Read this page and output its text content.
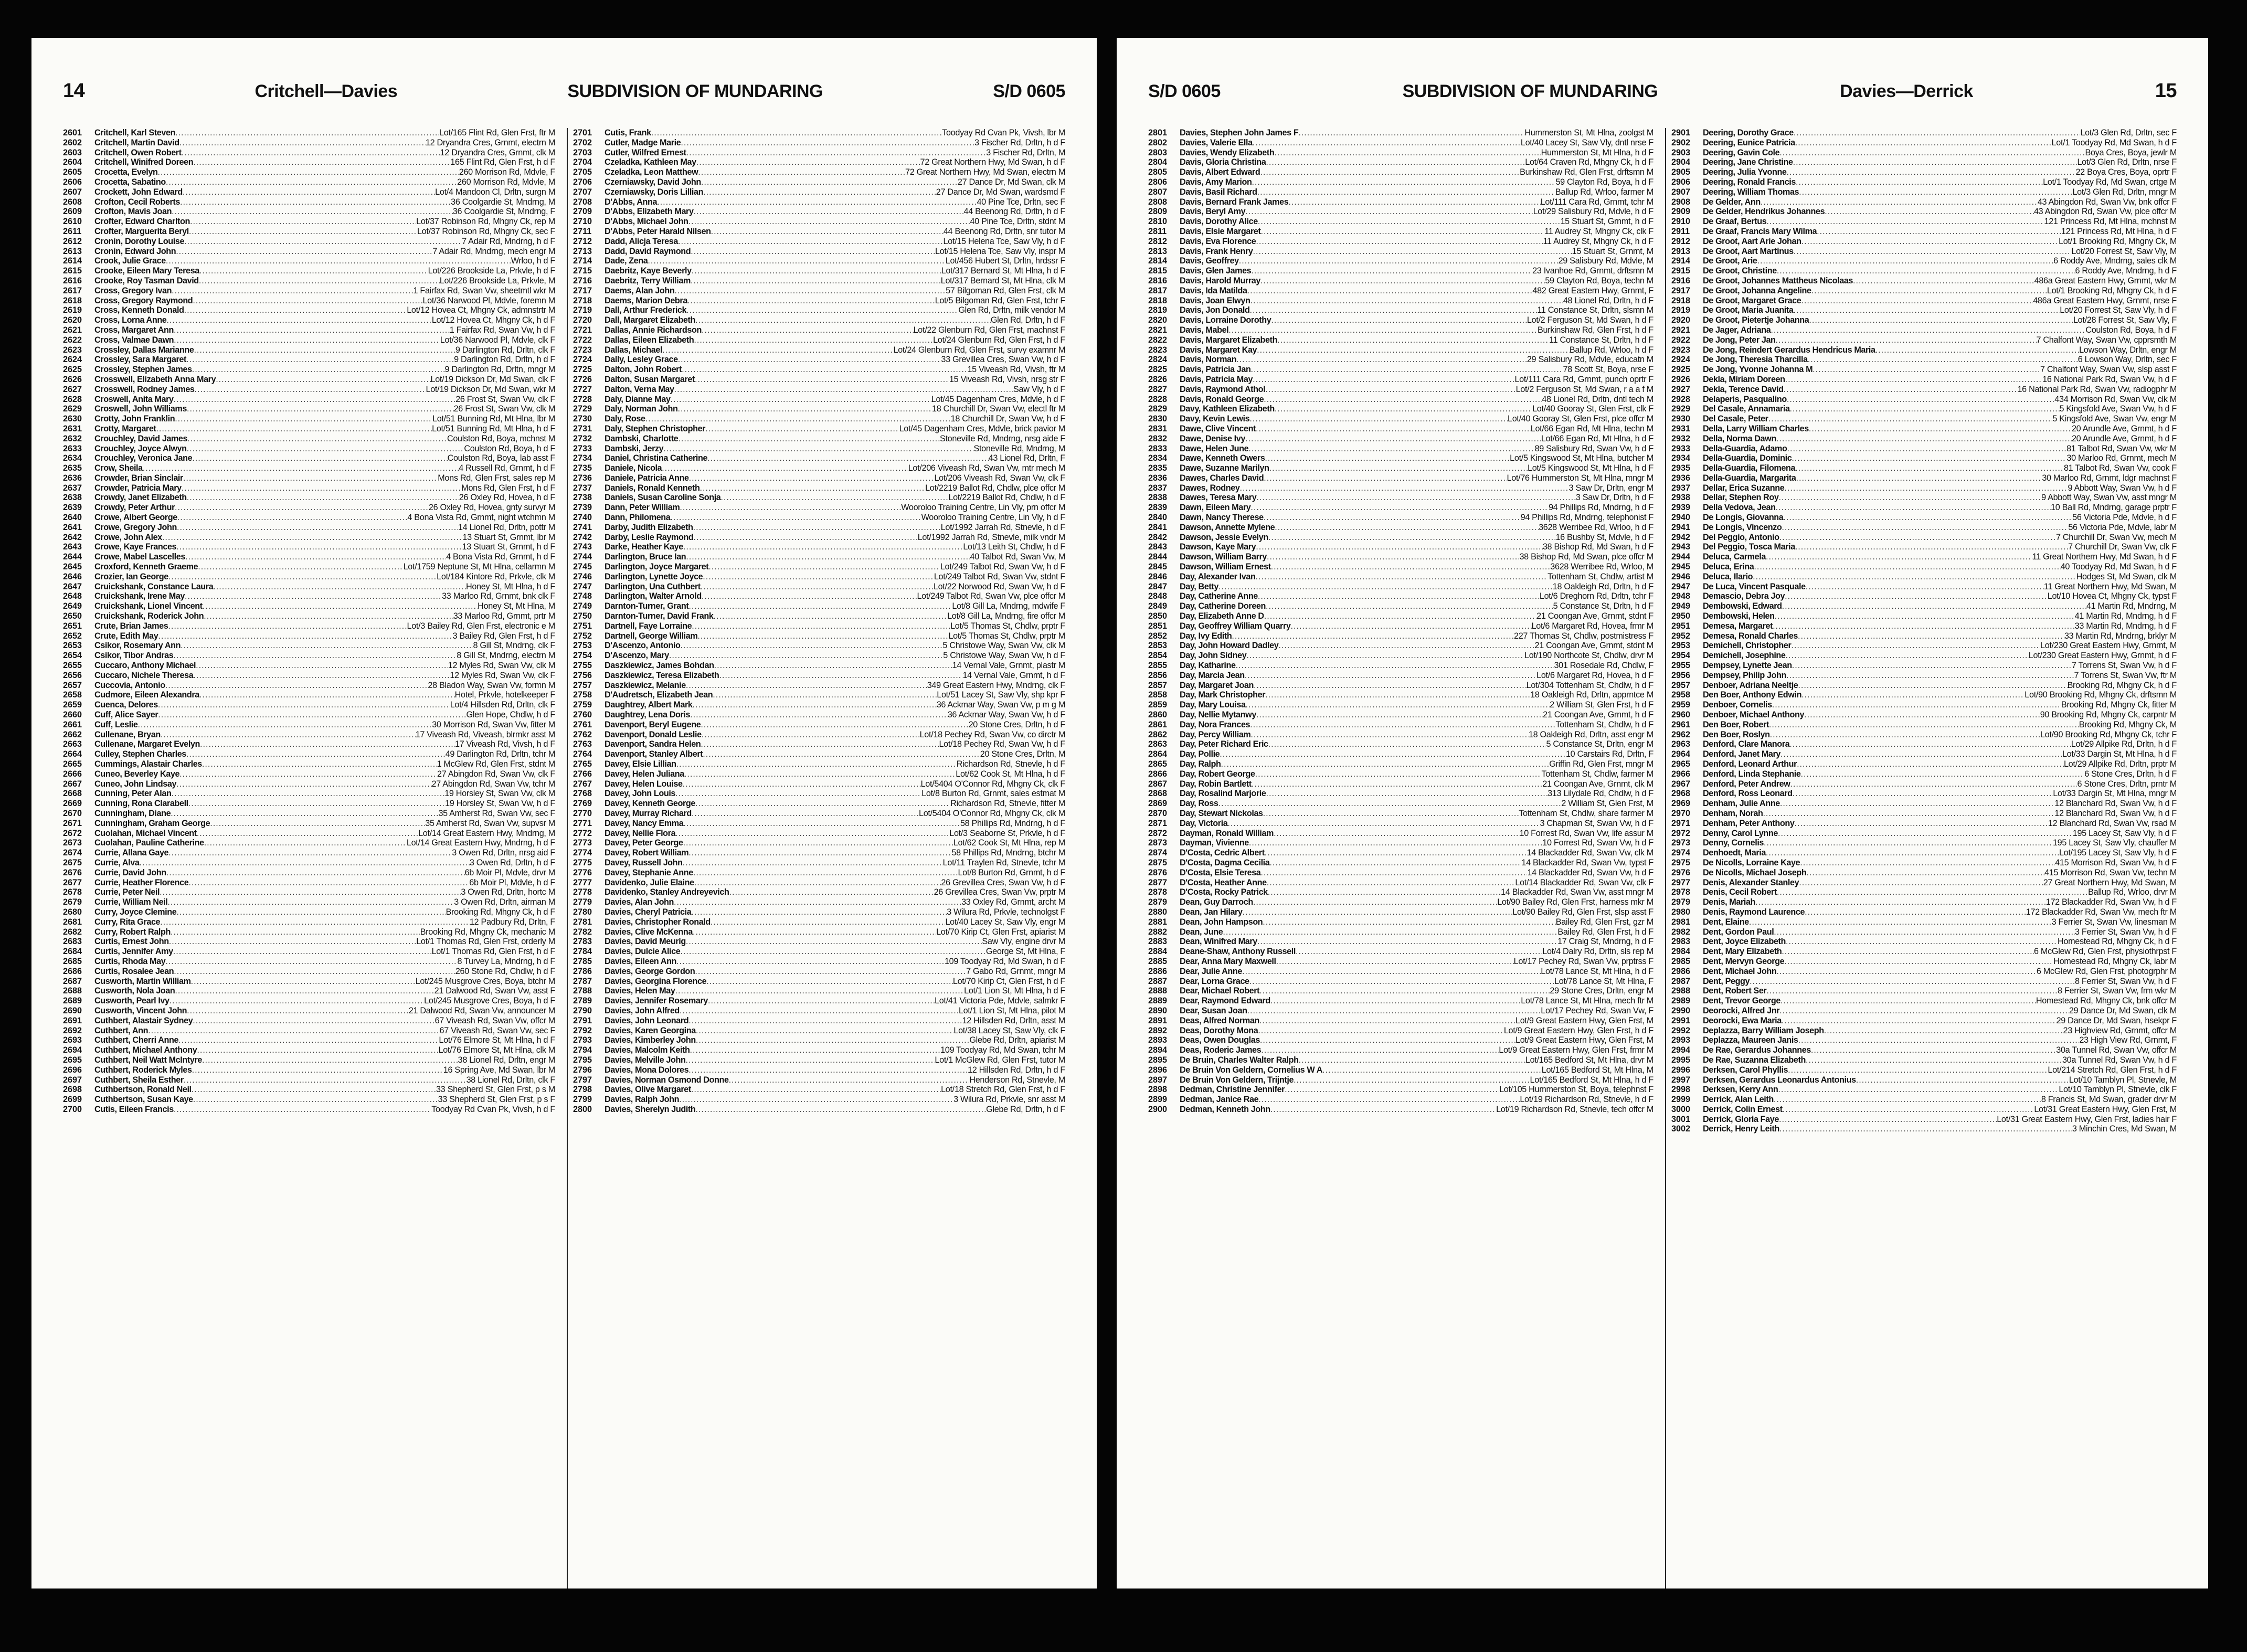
14	Critchell—Davies	SUBDIVISION OF MUNDARING	S/D 0605
2601	Critchell, Karl Steven .....	Lot/165 Flint Rd, Glen Frst, ftr M
2602	Critchell, Martin David .....	12 Dryandra Cres, Grnmt, electrn M
2603	Critchell, Owen Robert .....	12 Dryandra Cres, Grnmt, clk M
2604	Critchell, Winifred Doreen .....	165 Flint Rd, Glen Frst, h d F
2605	Crocetta, Evelyn .....	260 Morrison Rd, Mdvle, F
2606	Crocetta, Sabatino .....	260 Morrison Rd, Mdvle, M
2607	Crockett, John Edward .....	Lot/4 Mandoon Cl, Drltn, surgn M
2608	Crofton, Cecil Roberts .....	36 Coolgardie St, Mndrng, M
2609	Crofton, Mavis Joan .....	36 Coolgardie St, Mndrng, F
2610	Crofter, Edward Charlton .....	Lot/37 Robinson Rd, Mhgny Ck, rep M
2611	Crofter, Marguerita Beryl .....	Lot/37 Robinson Rd, Mhgny Ck, sec F
2612	Cronin, Dorothy Louise .....	7 Adair Rd, Mndrng, h d F
2613	Cronin, Edward John .....	7 Adair Rd, Mndrng, mech engr M
2614	Crook, Julie Grace .....	Wrloo, h d F
2615	Crooke, Eileen Mary Teresa .....	Lot/226 Brookside La, Prkvle, h d F
2616	Crooke, Roy Tasman David .....	Lot/226 Brookside La, Prkvle, M
2617	Cross, Gregory Ivan .....	1 Fairfax Rd, Swan Vw, sheetmtl wkr M
2618	Cross, Gregory Raymond .....	Lot/36 Narwood Pl, Mdvle, foremn M
2619	Cross, Kenneth Donald .....	Lot/12 Hovea Ct, Mhgny Ck, admnstrtr M
2620	Cross, Lorna Anne .....	Lot/12 Hovea Ct, Mhgny Ck, h d F
2621	Cross, Margaret Ann .....	1 Fairfax Rd, Swan Vw, h d F
2622	Cross, Valmae Dawn .....	Lot/36 Narwood Pl, Mdvle, clk F
2623	Crossley, Dallas Marianne .....	9 Darlington Rd, Drltn, clk F
2624	Crossley, Sara Margaret .....	9 Darlington Rd, Drltn, h d F
2625	Crossley, Stephen James .....	9 Darlington Rd, Drltn, mngr M
2626	Crosswell, Elizabeth Anna Mary .....	Lot/19 Dickson Dr, Md Swan, clk F
2627	Crosswell, Rodney James .....	Lot/19 Dickson Dr, Md Swan, wkr M
2628	Croswell, Anita Mary .....	26 Frost St, Swan Vw, clk F
2629	Croswell, John Williams .....	26 Frost St, Swan Vw, clk M
2630	Crotty, John Franklin .....	Lot/51 Bunning Rd, Mt Hlna, lbr M
2631	Crotty, Margaret .....	Lot/51 Bunning Rd, Mt Hlna, h d F
2632	Crouchley, David James .....	Coulston Rd, Boya, mchnst M
2633	Crouchley, Joyce Alwyn .....	Coulston Rd, Boya, h d F
2634	Crouchley, Veronica Jane .....	Coulston Rd, Boya, lab asst F
2635	Crow, Sheila .....	4 Russell Rd, Grnmt, h d F
2636	Crowder, Brian Sinclair .....	Mons Rd, Glen Frst, sales rep M
2637	Crowder, Patricia Mary .....	Mons Rd, Glen Frst, h d F
2638	Crowdy, Janet Elizabeth .....	26 Oxley Rd, Hovea, h d F
2639	Crowdy, Peter Arthur .....	26 Oxley Rd, Hovea, gnty survyr M
2640	Crowe, Albert George .....	4 Bona Vista Rd, Grnmt, night wtchmn M
2641	Crowe, Gregory John .....	14 Lionel Rd, Drltn, pottr M
2642	Crowe, John Alex .....	13 Stuart St, Grnmt, lbr M
2643	Crowe, Kaye Frances .....	13 Stuart St, Grnmt, h d F
2644	Crowe, Mabel Lascelles .....	4 Bona Vista Rd, Grnmt, h d F
2645	Croxford, Kenneth Graeme .....	Lot/1759 Neptune St, Mt Hlna, cellarmn M
2646	Crozier, Ian George .....	Lot/184 Kintore Rd, Prkvle, clk M
2647	Cruickshank, Constance Laura .....	Honey St, Mt Hlna, h d F
2648	Cruickshank, Irene May .....	33 Marloo Rd, Grnmt, bnk clk F
2649	Cruickshank, Lionel Vincent .....	Honey St, Mt Hlna, M
2650	Cruickshank, Roderick John .....	33 Marloo Rd, Grnmt, prtr M
2651	Crute, Brian James .....	Lot/3 Bailey Rd, Glen Frst, electronic e M
2652	Crute, Edith May .....	3 Bailey Rd, Glen Frst, h d F
2653	Csikor, Rosemary Ann .....	8 Gill St, Mndrng, clk F
2654	Csikor, Tibor Andras .....	8 Gill St, Mndrng, electrn M
2655	Cuccaro, Anthony Michael .....	12 Myles Rd, Swan Vw, clk M
2656	Cuccaro, Nichele Theresa .....	12 Myles Rd, Swan Vw, clk F
2657	Cuccovia, Antonio .....	28 Bladon Way, Swan Vw, formn M
2658	Cudmore, Eileen Alexandra .....	Hotel, Prkvle, hotelkeeper F
2659	Cuenca, Delores .....	Lot/4 Hillsden Rd, Drltn, clk F
2660	Cuff, Alice Sayer .....	Glen Hope, Chdlw, h d F
2661	Cuff, Leslie .....	30 Morrison Rd, Swan Vw, fitter M
2662	Cullenane, Bryan .....	17 Viveash Rd, Viveash, blrmkr asst M
2663	Cullenane, Margaret Evelyn .....	17 Viveash Rd, Vivsh, h d F
2664	Culley, Stephen Charles .....	49 Darlington Rd, Drltn, tchr M
2665	Cummings, Alastair Charles .....	1 McGlew Rd, Glen Frst, stdnt M
2666	Cuneo, Beverley Kaye .....	27 Abingdon Rd, Swan Vw, clk F
2667	Cuneo, John Lindsay .....	27 Abingdon Rd, Swan Vw, tchr M
2668	Cunning, Peter Alan .....	19 Horsley St, Swan Vw, clk M
2669	Cunning, Rona Clarabell .....	19 Horsley St, Swan Vw, h d F
2670	Cunningham, Diane .....	35 Amherst Rd, Swan Vw, sec F
2671	Cunningham, Graham George .....	35 Amherst Rd, Swan Vw, supvsr M
2672	Cuolahan, Michael Vincent .....	Lot/14 Great Eastern Hwy, Mndrng, M
2673	Cuolahan, Pauline Catherine .....	Lot/14 Great Eastern Hwy, Mndrng, h d F
2674	Currie, Allana Gaye .....	3 Owen Rd, Drltn, nrsg aid F
2675	Currie, Alva .....	3 Owen Rd, Drltn, h d F
2676	Currie, David John .....	6b Moir Pl, Mdvle, drvr M
2677	Currie, Heather Florence .....	6b Moir Pl, Mdvle, h d F
2678	Currie, Peter Neil .....	3 Owen Rd, Drltn, hortc M
2679	Currie, William Neil .....	3 Owen Rd, Drltn, airman M
2680	Curry, Joyce Clemine .....	Brooking Rd, Mhgny Ck, h d F
2681	Curry, Rita Grace .....	12 Padbury Rd, Drltn, F
2682	Curry, Robert Ralph .....	Brooking Rd, Mhgny Ck, mechanic M
2683	Curtis, Ernest John .....	Lot/1 Thomas Rd, Glen Frst, orderly M
2684	Curtis, Jennifer Amy .....	Lot/1 Thomas Rd, Glen Frst, h d F
2685	Curtis, Rhoda May .....	8 Turvey La, Mndrng, h d F
2686	Curtis, Rosalee Jean .....	260 Stone Rd, Chdlw, h d F
2687	Cusworth, Martin William .....	Lot/245 Musgrove Cres, Boya, btchr M
2688	Cusworth, Nola Joan .....	21 Dalwood Rd, Swan Vw, asst F
2689	Cusworth, Pearl Ivy .....	Lot/245 Musgrove Cres, Boya, h d F
2690	Cusworth, Vincent John .....	21 Dalwood Rd, Swan Vw, announcer M
2691	Cuthbert, Alastair Sydney .....	67 Viveash Rd, Swan Vw, offcr M
2692	Cuthbert, Ann .....	67 Viveash Rd, Swan Vw, sec F
2693	Cuthbert, Cherri Anne .....	Lot/76 Elmore St, Mt Hlna, h d F
2694	Cuthbert, Michael Anthony .....	Lot/76 Elmore St, Mt Hlna, clk M
2695	Cuthbert, Neil Watt McIntyre .....	38 Lionel Rd, Drltn, engr M
2696	Cuthbert, Roderick Myles .....	16 Spring Ave, Md Swan, lbr M
2697	Cuthbert, Sheila Esther .....	38 Lionel Rd, Drltn, clk F
2698	Cuthbertson, Ronald Neil .....	33 Shepherd St, Glen Frst, p s M
2699	Cuthbertson, Susan Kaye .....	33 Shepherd St, Glen Frst, p s F
2700	Cutis, Eileen Francis .....	Toodyay Rd Cvan Pk, Vivsh, h d F
2701	Cutis, Frank .....	Toodyay Rd Cvan Pk, Vivsh, lbr M
2702	Cutler, Madge Marie .....	3 Fischer Rd, Drltn, h d F
2703	Cutler, Wilfred Ernest .....	3 Fischer Rd, Drltn, M
2704	Czeladka, Kathleen May .....	72 Great Northern Hwy, Md Swan, h d F
2705	Czeladka, Leon Matthew .....	72 Great Northern Hwy, Md Swan, electrn M
2706	Czerniawsky, David John .....	27 Dance Dr, Md Swan, clk M
2707	Czerniawsky, Doris Lillian .....	27 Dance Dr, Md Swan, wardsmd F
2708	D'Abbs, Anna .....	40 Pine Tce, Drltn, sec F
2709	D'Abbs, Elizabeth Mary .....	44 Beenong Rd, Drltn, h d F
2710	D'Abbs, Michael John .....	40 Pine Tce, Drltn, stdnt M
2711	D'Abbs, Peter Harald Nilsen .....	44 Beenong Rd, Drltn, snr tutor M
2712	Dadd, Alicja Teresa .....	Lot/15 Helena Tce, Saw Vly, h d F
2713	Dadd, David Raymond .....	Lot/15 Helena Tce, Saw Vly, inspr M
2714	Dade, Zena .....	Lot/456 Hubert St, Drltn, hrdssr F
2715	Daebritz, Kaye Beverly .....	Lot/317 Bernard St, Mt Hlna, h d F
2716	Daebritz, Terry William .....	Lot/317 Bernard St, Mt Hlna, clk M
2717	Daems, Alan John .....	57 Bilgoman Rd, Glen Frst, clk M
2718	Daems, Marion Debra .....	Lot/5 Bilgoman Rd, Glen Frst, tchr F
2719	Dall, Arthur Frederick .....	Glen Rd, Drltn, milk vendor M
2720	Dall, Margaret Elizabeth .....	Glen Rd, Drltn, h d F
2721	Dallas, Annie Richardson .....	Lot/22 Glenburn Rd, Glen Frst, machnst F
2722	Dallas, Eileen Elizabeth .....	Lot/24 Glenburn Rd, Glen Frst, h d F
2723	Dallas, Michael .....	Lot/24 Glenburn Rd, Glen Frst, survy examnr M
2724	Dally, Lesley Grace .....	33 Grevillea Cres, Swan Vw, h d F
2725	Dalton, John Robert .....	15 Viveash Rd, Vivsh, ftr M
2726	Dalton, Susan Margaret .....	15 Viveash Rd, Vivsh, nrsg str F
2727	Dalton, Verna May .....	Saw Vly, h d F
2728	Daly, Dianne May .....	Lot/45 Dagenham Cres, Mdvle, h d F
2729	Daly, Norman John .....	18 Churchill Dr, Swan Vw, electl ftr M
2730	Daly, Rose .....	18 Churchill Dr, Swan Vw, h d F
2731	Daly, Stephen Christopher .....	Lot/45 Dagenham Cres, Mdvle, brick pavior M
2732	Dambski, Charlotte .....	Stoneville Rd, Mndrng, nrsg aide F
2733	Dambski, Jerzy .....	Stoneville Rd, Mndrng, M
2734	Daniel, Christina Catherine .....	43 Lionel Rd, Drltn, F
2735	Daniele, Nicola .....	Lot/206 Viveash Rd, Swan Vw, mtr mech M
2736	Daniele, Patricia Anne .....	Lot/206 Viveash Rd, Swan Vw, clk F
2737	Daniels, Ronald Kenneth .....	Lot/2219 Ballot Rd, Chdlw, plce offcr M
2738	Daniels, Susan Caroline Sonja .....	Lot/2219 Ballot Rd, Chdlw, h d F
2739	Dann, Peter William .....	Wooroloo Training Centre, Lin Vly, prn offcr M
2740	Dann, Philomena .....	Wooroloo Training Centre, Lin Vly, h d F
2741	Darby, Judith Elizabeth .....	Lot/1992 Jarrah Rd, Stnevle, h d F
2742	Darby, Leslie Raymond .....	Lot/1992 Jarrah Rd, Stnevle, milk vndr M
2743	Darke, Heather Kaye .....	Lot/13 Leith St, Chdlw, h d F
2744	Darlington, Bruce Ian .....	40 Talbot Rd, Swan Vw, M
2745	Darlington, Joyce Margaret .....	Lot/249 Talbot Rd, Swan Vw, h d F
2746	Darlington, Lynette Joyce .....	Lot/249 Talbot Rd, Swan Vw, stdnt F
2747	Darlington, Una Cuthbert .....	Lot/22 Norwood Rd, Swan Vw, h d F
2748	Darlington, Walter Arnold .....	Lot/249 Talbot Rd, Swan Vw, plce offcr M
2749	Darnton-Turner, Grant .....	Lot/8 Gill La, Mndrng, mdwife F
2750	Darnton-Turner, David Frank .....	Lot/8 Gill La, Mndrng, fire offcr M
2751	Dartnell, Faye Lorraine .....	Lot/5 Thomas St, Chdlw, prptr F
2752	Dartnell, George William .....	Lot/5 Thomas St, Chdlw, prptr M
2753	D'Ascenzo, Antonio .....	5 Christowe Way, Swan Vw, clk M
2754	D'Ascenzo, Mary .....	5 Christowe Way, Swan Vw, h d F
2755	Daszkiewicz, James Bohdan .....	14 Vernal Vale, Grnmt, plastr M
2756	Daszkiewicz, Teresa Elizabeth .....	14 Vernal Vale, Grnmt, h d F
2757	Daszkiewicz, Melanie .....	349 Great Eastern Hwy, Mndrng, clk F
2758	D'Audretsch, Elizabeth Jean .....	Lot/51 Lacey St, Saw Vly, shp kpr F
2759	Daughtrey, Albert Mark .....	36 Ackmar Way, Swan Vw, p m g M
2760	Daughtrey, Lena Doris .....	36 Ackmar Way, Swan Vw, h d F
2761	Davenport, Beryl Eugene .....	20 Stone Cres, Drltn, h d F
2762	Davenport, Donald Leslie .....	Lot/18 Pechey Rd, Swan Vw, co dirctr M
2763	Davenport, Sandra Helen .....	Lot/18 Pechey Rd, Swan Vw, h d F
2764	Davenport, Stanley Albert .....	20 Stone Cres, Drltn, M
2765	Davey, Elsie Lillian .....	Richardson Rd, Stnevle, h d F
2766	Davey, Helen Juliana .....	Lot/62 Cook St, Mt Hlna, h d F
2767	Davey, Helen Louise .....	Lot/5404 O'Connor Rd, Mhgny Ck, clk F
2768	Davey, John Louis .....	Lot/8 Burton Rd, Grnmt, sales estmat M
2769	Davey, Kenneth George .....	Richardson Rd, Stnevle, fitter M
2770	Davey, Murray Richard .....	Lot/5404 O'Connor Rd, Mhgny Ck, clk M
2771	Davey, Nancy Emma .....	58 Phillips Rd, Mndrng, h d F
2772	Davey, Nellie Flora .....	Lot/3 Seaborne St, Prkvle, h d F
2773	Davey, Peter George .....	Lot/62 Cook St, Mt Hlna, rep M
2774	Davey, Robert William .....	58 Phillips Rd, Mndrng, btchr M
2775	Davey, Russell John .....	Lot/11 Traylen Rd, Stnevle, tchr M
2776	Davey, Stephanie Anne .....	Lot/8 Burton Rd, Grnmt, h d F
2777	Davidenko, Julie Elaine .....	26 Grevillea Cres, Swan Vw, h d F
2778	Davidenko, Stanley Andreyevich .....	26 Grevillea Cres, Swan Vw, prptr M
2779	Davies, Alan John .....	33 Oxley Rd, Grnmt, archt M
2780	Davies, Cheryl Patricia .....	3 Wilura Rd, Prkvle, technolgst F
2781	Davies, Christopher Ronald .....	Lot/40 Lacey St, Saw Vly, engr M
2782	Davies, Clive McKenna .....	Lot/70 Kirip Ct, Glen Frst, apiarist M
2783	Davies, David Meurig .....	Saw Vly, engine drvr M
2784	Davies, Dulcie Alice .....	George St, Mt Hlna, F
2785	Davies, Eileen Ann .....	109 Toodyay Rd, Md Swan, h d F
2786	Davies, George Gordon .....	7 Gabo Rd, Grnmt, mngr M
2787	Davies, Georgina Florence .....	Lot/70 Kirip Ct, Glen Frst, h d F
2788	Davies, Helen May .....	Lot/1 Lion St, Mt Hlna, h d F
2789	Davies, Jennifer Rosemary .....	Lot/41 Victoria Pde, Mdvle, salmkr F
2790	Davies, John Alfred .....	Lot/1 Lion St, Mt Hlna, pilot M
2791	Davies, John Leonard .....	12 Hillsden Rd, Drltn, asst M
2792	Davies, Karen Georgina .....	Lot/38 Lacey St, Saw Vly, clk F
2793	Davies, Kimberley John .....	Glebe Rd, Drltn, apiarist M
2794	Davies, Malcolm Keith .....	109 Toodyay Rd, Md Swan, tchr M
2795	Davies, Melville John .....	Lot/1 McGlew Rd, Glen Frst, tutor M
2796	Davies, Mona Dolores .....	12 Hillsden Rd, Drltn, h d F
2797	Davies, Norman Osmond Donne .....	Henderson Rd, Stnevle, M
2798	Davies, Olive Margaret .....	Lot/18 Stretch Rd, Glen Frst, h d F
2799	Davies, Ralph John .....	3 Wilura Rd, Prkvle, snr asst M
2800	Davies, Sherelyn Judith .....	Glebe Rd, Drltn, h d F
S/D 0605	SUBDIVISION OF MUNDARING	Davies—Derrick	15
2801	Davies, Stephen John James F .....	Hummerston St, Mt Hlna, zoolgst M
2802	Davies, Valerie Ella .....	Lot/40 Lacey St, Saw Vly, dntl nrse F
2803	Davies, Wendy Elizabeth .....	Hummerston St, Mt Hlna, h d F
2804	Davis, Gloria Christina .....	Lot/64 Craven Rd, Mhgny Ck, h d F
2805	Davis, Albert Edward .....	Burkinshaw Rd, Glen Frst, drftsmn M
2806	Davis, Amy Marion .....	59 Clayton Rd, Boya, h d F
2807	Davis, Basil Richard .....	Ballup Rd, Wrloo, farmer M
2808	Davis, Bernard Frank James .....	Lot/111 Cara Rd, Grnmt, tchr M
2809	Davis, Beryl Amy .....	Lot/29 Salisbury Rd, Mdvle, h d F
2810	Davis, Dorothy Alice .....	15 Stuart St, Grnmt, h d F
2811	Davis, Elsie Margaret .....	11 Audrey St, Mhgny Ck, clk F
2812	Davis, Eva Florence .....	11 Audrey St, Mhgny Ck, h d F
2813	Davis, Frank Henry .....	15 Stuart St, Grnmt, M
2814	Davis, Geoffrey .....	29 Salisbury Rd, Mdvle, M
2815	Davis, Glen James .....	23 Ivanhoe Rd, Grnmt, drftsmn M
2816	Davis, Harold Murray .....	59 Clayton Rd, Boya, techn M
2817	Davis, Ida Matilda .....	482 Great Eastern Hwy, Grnmt, F
2818	Davis, Joan Elwyn .....	48 Lionel Rd, Drltn, h d F
2819	Davis, Jon Donald .....	11 Constance St, Drltn, slsmn M
2820	Davis, Lorraine Dorothy .....	Lot/2 Ferguson St, Md Swan, h d F
2821	Davis, Mabel .....	Burkinshaw Rd, Glen Frst, h d F
2822	Davis, Margaret Elizabeth .....	11 Constance St, Drltn, h d F
2823	Davis, Margaret Kay .....	Ballup Rd, Wrloo, h d F
2824	Davis, Norman .....	29 Salisbury Rd, Mdvle, educatn M
2825	Davis, Patricia Jan .....	78 Scott St, Boya, nrse F
2826	Davis, Patricia May .....	Lot/111 Cara Rd, Grnmt, punch oprtr F
2827	Davis, Raymond Athol .....	Lot/2 Ferguson St, Md Swan, r a a f M
2828	Davis, Ronald George .....	48 Lionel Rd, Drltn, dntl tech M
2829	Davy, Kathleen Elizabeth .....	Lot/40 Gooray St, Glen Frst, clk F
2830	Davy, Kevin Lewis .....	Lot/40 Gooray St, Glen Frst, plce offcr M
2831	Dawe, Clive Vincent .....	Lot/66 Egan Rd, Mt Hlna, techn M
2832	Dawe, Denise Ivy .....	Lot/66 Egan Rd, Mt Hlna, h d F
2833	Dawe, Helen June .....	89 Salisbury Rd, Swan Vw, h d F
2834	Dawe, Kenneth Owers .....	Lot/5 Kingswood St, Mt Hlna, butcher M
2835	Dawe, Suzanne Marilyn .....	Lot/5 Kingswood St, Mt Hlna, h d F
2836	Dawes, Charles David .....	Lot/76 Hummerston St, Mt Hlna, mngr M
2837	Dawes, Rodney .....	3 Saw Dr, Drltn, engr M
2838	Dawes, Teresa Mary .....	3 Saw Dr, Drltn, h d F
2839	Dawn, Eileen Mary .....	94 Phillips Rd, Mndrng, h d F
2840	Dawn, Nancy Therese .....	94 Phillips Rd, Mndrng, telephonist F
2841	Dawson, Annette Mylene .....	3628 Werribee Rd, Wrloo, h d F
2842	Dawson, Jessie Evelyn .....	16 Bushby St, Mdvle, h d F
2843	Dawson, Kaye Mary .....	38 Bishop Rd, Md Swan, h d F
2844	Dawson, William Barry .....	38 Bishop Rd, Md Swan, plce offcr M
2845	Dawson, William Ernest .....	3628 Werribee Rd, Wrloo, M
2846	Day, Alexander Ivan .....	Tottenham St, Chdlw, artist M
2847	Day, Betty .....	18 Oakleigh Rd, Drltn, h d F
2848	Day, Catherine Anne .....	Lot/6 Dreghorn Rd, Drltn, tchr F
2849	Day, Catherine Doreen .....	5 Constance St, Drltn, h d F
2850	Day, Elizabeth Anne D .....	21 Coongan Ave, Grnmt, stdnt F
2851	Day, Geoffrey William Quarry .....	Lot/6 Margaret Rd, Hovea, frmr M
2852	Day, Ivy Edith .....	227 Thomas St, Chdlw, postmistress F
2853	Day, John Howard Dadley .....	21 Coongan Ave, Grnmt, stdnt M
2854	Day, John Sidney .....	Lot/190 Northcote St, Chdlw, drvr M
2855	Day, Katharine .....	301 Rosedale Rd, Chdlw, F
2856	Day, Marcia Jean .....	Lot/6 Margaret Rd, Hovea, h d F
2857	Day, Margaret Joan .....	Lot/304 Tottenham St, Chdlw, h d F
2858	Day, Mark Christopher .....	18 Oakleigh Rd, Drltn, apprntce M
2859	Day, Mary Louisa .....	2 William St, Glen Frst, h d F
2860	Day, Nellie Mytanwy .....	21 Coongan Ave, Grnmt, h d F
2861	Day, Nora Frances .....	Tottenham St, Chdlw, h d F
2862	Day, Percy William .....	18 Oakleigh Rd, Drltn, asst engr M
2863	Day, Peter Richard Eric .....	5 Constance St, Drltn, engr M
2864	Day, Pollie .....	10 Carstairs Rd, Drltn, F
2865	Day, Ralph .....	Griffin Rd, Glen Frst, mngr M
2866	Day, Robert George .....	Tottenham St, Chdlw, farmer M
2867	Day, Robin Bartlett .....	21 Coongan Ave, Grnmt, clk M
2868	Day, Rosalind Marjorie .....	313 Lilydale Rd, Chdlw, h d F
2869	Day, Ross .....	2 William St, Glen Frst, M
2870	Day, Stewart Nickolas .....	Tottenham St, Chdlw, share farmer M
2871	Day, Victoria .....	3 Chapman St, Swan Vw, h d F
2872	Dayman, Ronald William .....	10 Forrest Rd, Swan Vw, life assur M
2873	Dayman, Vivienne .....	10 Forrest Rd, Swan Vw, h d F
2874	D'Costa, Cedric Albert .....	14 Blackadder Rd, Swan Vw, clk M
2875	D'Costa, Dagma Cecilia .....	14 Blackadder Rd, Swan Vw, typst F
2876	D'Costa, Elsie Teresa .....	14 Blackadder Rd, Swan Vw, h d F
2877	D'Costa, Heather Anne .....	Lot/14 Blackadder Rd, Swan Vw, clk F
2878	D'Costa, Rocky Patrick .....	14 Blackadder Rd, Swan Vw, asst mngr M
2879	Dean, Guy Darroch .....	Lot/90 Bailey Rd, Glen Frst, harness mkr M
2880	Dean, Jan Hilary .....	Lot/90 Bailey Rd, Glen Frst, slsp asst F
2881	Dean, John Hampson .....	Bailey Rd, Glen Frst, gzr M
2882	Dean, June .....	Bailey Rd, Glen Frst, h d F
2883	Dean, Winifred Mary .....	17 Craig St, Mndrng, h d F
2884	Deane-Shaw, Anthony Russell .....	Lot/4 Dalry Rd, Drltn, sls rep M
2885	Dear, Anna Mary Maxwell .....	Lot/17 Pechey Rd, Swan Vw, prptrss F
2886	Dear, Julie Anne .....	Lot/78 Lance St, Mt Hlna, h d F
2887	Dear, Lorna Grace .....	Lot/78 Lance St, Mt Hlna, F
2888	Dear, Michael Robert .....	29 Stone Cres, Drltn, engr M
2889	Dear, Raymond Edward .....	Lot/78 Lance St, Mt Hlna, mech ftr M
2890	Dear, Susan Joan .....	Lot/17 Pechey Rd, Swan Vw, F
2891	Deas, Alfred Norman .....	Lot/9 Great Eastern Hwy, Glen Frst, M
2892	Deas, Dorothy Mona .....	Lot/9 Great Eastern Hwy, Glen Frst, h d F
2893	Deas, Owen Douglas .....	Lot/9 Great Eastern Hwy, Glen Frst, M
2894	Deas, Roderic James .....	Lot/9 Great Eastern Hwy, Glen Frst, frmr M
2895	De Bruin, Charles Walter Ralph .....	Lot/165 Bedford St, Mt Hlna, drvr M
2896	De Bruin Von Geldern, Cornelius W A .....	Lot/165 Bedford St, Mt Hlna, M
2897	De Bruin Von Geldern, Trijntje .....	Lot/165 Bedford St, Mt Hlna, h d F
2898	Dedman, Christine Jennifer .....	Lot/105 Hummerston St, Boya, telephnst F
2899	Dedman, Janice Rae .....	Lot/19 Richardson Rd, Stnevle, h d F
2900	Dedman, Kenneth John .....	Lot/19 Richardson Rd, Stnevle, tech offcr M
2901	Deering, Dorothy Grace .....	Lot/3 Glen Rd, Drltn, sec F
2902	Deering, Eunice Patricia .....	Lot/1 Toodyay Rd, Md Swan, h d F
2903	Deering, Gavin Cole .....	Boya Cres, Boya, jewlr M
2904	Deering, Jane Christine .....	Lot/3 Glen Rd, Drltn, nrse F
2905	Deering, Julia Yvonne .....	22 Boya Cres, Boya, oprtr F
2906	Deering, Ronald Francis .....	Lot/1 Toodyay Rd, Md Swan, crtge M
2907	Deering, William Thomas .....	Lot/3 Glen Rd, Drltn, mngr M
2908	De Gelder, Ann .....	43 Abingdon Rd, Swan Vw, bnk offcr F
2909	De Gelder, Hendrikus Johannes .....	43 Abingdon Rd, Swan Vw, plce offcr M
2910	De Graaf, Bertus .....	121 Princess Rd, Mt Hlna, mchnst M
2911	De Graaf, Francis Mary Wilma .....	121 Princess Rd, Mt Hlna, h d F
2912	De Groot, Aart Arie Johan .....	Lot/1 Brooking Rd, Mhgny Ck, M
2913	De Groot, Aart Martinus .....	Lot/20 Forrest St, Saw Vly, M
2914	De Groot, Arie .....	6 Roddy Ave, Mndrng, sales clk M
2915	De Groot, Christine .....	6 Roddy Ave, Mndrng, h d F
2916	De Groot, Johannes Mattheus Nicolaas .....	486a Great Eastern Hwy, Grnmt, wkr M
2917	De Groot, Johanna Angeline .....	Lot/1 Brooking Rd, Mhgny Ck, h d F
2918	De Groot, Margaret Grace .....	486a Great Eastern Hwy, Grnmt, nrse F
2919	De Groot, Maria Juanita .....	Lot/20 Forrest St, Saw Vly, h d F
2920	De Groot, Pietertje Johanna .....	Lot/28 Forrest St, Saw Vly, F
2921	De Jager, Adriana .....	Coulston Rd, Boya, h d F
2922	De Jong, Peter Jan .....	7 Chalfont Way, Swan Vw, cpprsmth M
2923	De Jong, Reindert Gerardus Hendricus Maria .....	Lowson Way, Drltn, engr M
2924	De Jong, Theresia Tharcilla .....	6 Lowson Way, Drltn, sec F
2925	De Jong, Yvonne Johanna M .....	7 Chalfont Way, Swan Vw, slsp asst F
2926	Dekla, Miriam Doreen .....	16 National Park Rd, Swan Vw, h d F
2927	Dekla, Terence David .....	16 National Park Rd, Swan Vw, radiogphr M
2928	Delaperis, Pasqualino .....	434 Morrison Rd, Swan Vw, clk M
2929	Del Casale, Annamaria .....	5 Kingsfold Ave, Swan Vw, h d F
2930	Del Casale, Peter .....	5 Kingsfold Ave, Swan Vw, engr M
2931	Della, Larry William Charles .....	20 Arundle Ave, Grnmt, h d F
2932	Della, Norma Dawn .....	20 Arundle Ave, Grnmt, h d F
2933	Della-Guardia, Adamo .....	81 Talbot Rd, Swan Vw, wkr M
2934	Della-Guardia, Dominic .....	30 Marloo Rd, Grnmt, mech M
2935	Della-Guardia, Filomena .....	81 Talbot Rd, Swan Vw, cook F
2936	Della-Guardia, Margarita .....	30 Marloo Rd, Grnmt, ldgr machnst F
2937	Dellar, Erica Suzanne .....	9 Abbott Way, Swan Vw, h d F
2938	Dellar, Stephen Roy .....	9 Abbott Way, Swan Vw, asst mngr M
2939	Della Vedova, Jean .....	10 Ball Rd, Mndrng, garage prptr F
2940	De Longis, Giovanna .....	56 Victoria Pde, Mdvle, h d F
2941	De Longis, Vincenzo .....	56 Victoria Pde, Mdvle, labr M
2942	Del Peggio, Antonio .....	7 Churchill Dr, Swan Vw, mech M
2943	Del Peggio, Tosca Maria .....	7 Churchill Dr, Swan Vw, clk F
2944	Deluca, Carmela .....	11 Great Northern Hwy, Md Swan, h d F
2945	Deluca, Erina .....	40 Toodyay Rd, Md Swan, h d F
2946	Deluca, Ilario .....	Hodges St, Md Swan, clk M
2947	De Luca, Vincent Pasquale .....	11 Great Northern Hwy, Md Swan, M
2948	Demascio, Debra Joy .....	Lot/10 Hovea Ct, Mhgny Ck, typst F
2949	Dembowski, Edward .....	41 Martin Rd, Mndrng, M
2950	Dembowski, Helen .....	41 Martin Rd, Mndrng, h d F
2951	Demesa, Margaret .....	33 Martin Rd, Mndrng, h d F
2952	Demesa, Ronald Charles .....	33 Martin Rd, Mndrng, brklyr M
2953	Demichell, Christopher .....	Lot/230 Great Eastern Hwy, Grnmt, M
2954	Demichell, Josephine .....	Lot/230 Great Eastern Hwy, Grnmt, h d F
2955	Dempsey, Lynette Jean .....	7 Torrens St, Swan Vw, h d F
2956	Dempsey, Philip John .....	7 Torrens St, Swan Vw, ftr M
2957	Denboer, Adriana Neeltje .....	Brooking Rd, Mhgny Ck, h d F
2958	Den Boer, Anthony Edwin .....	Lot/90 Brooking Rd, Mhgny Ck, drftsmn M
2959	Denboer, Cornelis .....	Brooking Rd, Mhgny Ck, fitter M
2960	Denboer, Michael Anthony .....	90 Brooking Rd, Mhgny Ck, carpntr M
2961	Den Boer, Robert .....	Brooking Rd, Mhgny Ck, M
2962	Den Boer, Roslyn .....	Lot/90 Brooking Rd, Mhgny Ck, tchr F
2963	Denford, Clare Manora .....	Lot/29 Allpike Rd, Drltn, h d F
2964	Denford, Janet Mary .....	Lot/33 Dargin St, Mt Hlna, h d F
2965	Denford, Leonard Arthur .....	Lot/29 Allpike Rd, Drltn, prptr M
2966	Denford, Linda Stephanie .....	6 Stone Cres, Drltn, h d F
2967	Denford, Peter Andrew .....	6 Stone Cres, Drltn, prntr M
2968	Denford, Ross Leonard .....	Lot/33 Dargin St, Mt Hlna, mngr M
2969	Denham, Julie Anne .....	12 Blanchard Rd, Swan Vw, h d F
2970	Denham, Norah .....	12 Blanchard Rd, Swan Vw, h d F
2971	Denham, Peter Anthony .....	12 Blanchard Rd, Swan Vw, rsad M
2972	Denny, Carol Lynne .....	195 Lacey St, Saw Vly, h d F
2973	Denny, Cornelis .....	195 Lacey St, Saw Vly, chauffer M
2974	Denhoedt, Maria .....	Lot/195 Lacey St, Saw Vly, h d F
2975	De Nicolls, Lorraine Kaye .....	415 Morrison Rd, Swan Vw, h d F
2976	De Nicolls, Michael Joseph .....	415 Morrison Rd, Swan Vw, techn M
2977	Denis, Alexander Stanley .....	27 Great Northern Hwy, Md Swan, M
2978	Denis, Cecil Robert .....	Ballup Rd, Wrloo, drvr M
2979	Denis, Mariah .....	172 Blackadder Rd, Swan Vw, h d F
2980	Denis, Raymond Laurence .....	172 Blackadder Rd, Swan Vw, mech ftr M
2981	Dent, Elaine .....	3 Ferrier St, Swan Vw, linesman M
2982	Dent, Gordon Paul .....	3 Ferrier St, Swan Vw, h d F
2983	Dent, Joyce Elizabeth .....	Homestead Rd, Mhgny Ck, h d F
2984	Dent, Mary Elizabeth .....	6 McGlew Rd, Glen Frst, physiothrpst F
2985	Dent, Mervyn George .....	Homestead Rd, Mhgny Ck, labr M
2986	Dent, Michael John .....	6 McGlew Rd, Glen Frst, photogrphr M
2987	Dent, Peggy .....	8 Ferrier St, Swan Vw, h d F
2988	Dent, Robert Ser .....	8 Ferrier St, Swan Vw, frm wkr M
2989	Dent, Trevor George .....	Homestead Rd, Mhgny Ck, bnk offcr M
2990	Deorocki, Alfred Jnr .....	29 Dance Dr, Md Swan, clk M
2991	Deorocki, Ewa Maria .....	29 Dance Dr, Md Swan, hsekpr F
2992	Deplazza, Barry William Joseph .....	23 Highview Rd, Grnmt, offcr M
2993	Deplazza, Maureen Janis .....	23 High View Rd, Grnmt, F
2994	De Rae, Gerardus Johannes .....	30a Tunnel Rd, Swan Vw, offcr M
2995	De Rae, Suzanna Elizabeth .....	30a Tunnel Rd, Swan Vw, h d F
2996	Derksen, Carol Phyllis .....	Lot/214 Stretch Rd, Glen Frst, h d F
2997	Derksen, Gerardus Leonardus Antonius .....	Lot/10 Tamblyn Pl, Stnevle, M
2998	Derksen, Kerry Ann .....	Lot/10 Tamblyn Pl, Stnevle, clk F
2999	Derrick, Alan Leith .....	8 Francis St, Md Swan, grader drvr M
3000	Derrick, Colin Ernest .....	Lot/31 Great Eastern Hwy, Glen Frst, M
3001	Derrick, Gloria Faye .....	Lot/31 Great Eastern Hwy, Glen Frst, ladies hair F
3002	Derrick, Henry Leith .....	3 Minchin Cres, Md Swan, M
